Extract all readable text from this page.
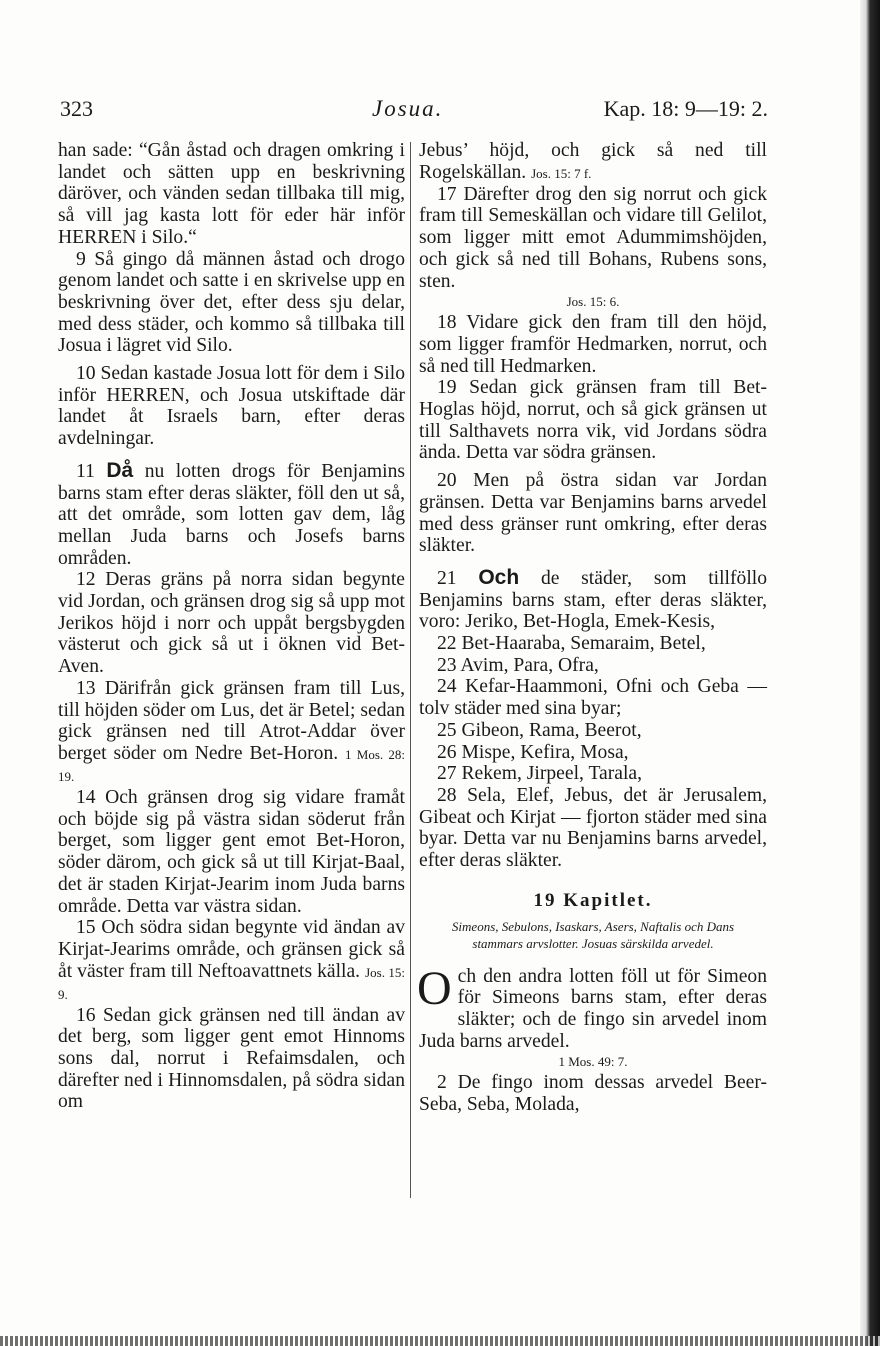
323	Josua.	Kap. 18: 9—19: 2.

han sade: “Gån åstad och dragen omkring i landet och sätten upp en beskrivning däröver, och vänden sedan tillbaka till mig, så vill jag kasta lott för eder här inför HERREN i Silo.“

9 Så gingo då männen åstad och drogo genom landet och satte i en skrivelse upp en beskrivning över det, efter dess sju delar, med dess städer, och kommo så tillbaka till Josua i lägret vid Silo.

10 Sedan kastade Josua lott för dem i Silo inför HERREN, och Josua utskiftade där landet åt Israels barn, efter deras avdelningar.

11 Då nu lotten drogs för Benjamins barns stam efter deras släkter, föll den ut så, att det område, som lotten gav dem, låg mellan Juda barns och Josefs barns områden.

12 Deras gräns på norra sidan begynte vid Jordan, och gränsen drog sig så upp mot Jerikos höjd i norr och uppåt bergsbygden västerut och gick så ut i öknen vid Bet-Aven.

13 Därifrån gick gränsen fram till Lus, till höjden söder om Lus, det är Betel; sedan gick gränsen ned till Atrot-Addar över berget söder om Nedre Bet-Horon. 1 Mos. 28: 19.

14 Och gränsen drog sig vidare framåt och böjde sig på västra sidan söderut från berget, som ligger gent emot Bet-Horon, söder därom, och gick så ut till Kirjat-Baal, det är staden Kirjat-Jearim inom Juda barns område. Detta var västra sidan.

15 Och södra sidan begynte vid ändan av Kirjat-Jearims område, och gränsen gick så åt väster fram till Neftoavattnets källa. Jos. 15: 9.

16 Sedan gick gränsen ned till ändan av det berg, som ligger gent emot Hinnoms sons dal, norrut i Refaimsdalen, och därefter ned i Hinnomsdalen, på södra sidan om

Jebus’ höjd, och gick så ned till Rogelskällan. Jos. 15: 7 f.

17 Därefter drog den sig norrut och gick fram till Semeskällan och vidare till Gelilot, som ligger mitt emot Adummimshöjden, och gick så ned till Bohans, Rubens sons, sten.

Jos. 15: 6.

18 Vidare gick den fram till den höjd, som ligger framför Hedmarken, norrut, och så ned till Hedmarken.

19 Sedan gick gränsen fram till Bet-Hoglas höjd, norrut, och så gick gränsen ut till Salthavets norra vik, vid Jordans södra ända. Detta var södra gränsen.

20 Men på östra sidan var Jordan gränsen. Detta var Benjamins barns arvedel med dess gränser runt omkring, efter deras släkter.

21 Och de städer, som tillföllo Benjamins barns stam, efter deras släkter, voro: Jeriko, Bet-Hogla, Emek-Kesis,

22 Bet-Haaraba, Semaraim, Betel,

23 Avim, Para, Ofra,

24 Kefar-Haammoni, Ofni och Geba — tolv städer med sina byar;

25 Gibeon, Rama, Beerot,

26 Mispe, Kefira, Mosa,

27 Rekem, Jirpeel, Tarala,

28 Sela, Elef, Jebus, det är Jerusalem, Gibeat och Kirjat — fjorton städer med sina byar. Detta var nu Benjamins barns arvedel, efter deras släkter.

19 Kapitlet.
Simeons, Sebulons, Isaskars, Asers, Naftalis och Dans stammars arvslotter. Josuas särskilda arvedel.

Och den andra lotten föll ut för Simeon för Simeons barns stam, efter deras släkter; och de fingo sin arvedel inom Juda barns arvedel.

1 Mos. 49: 7.

2 De fingo inom dessas arvedel Beer-Seba, Seba, Molada,
